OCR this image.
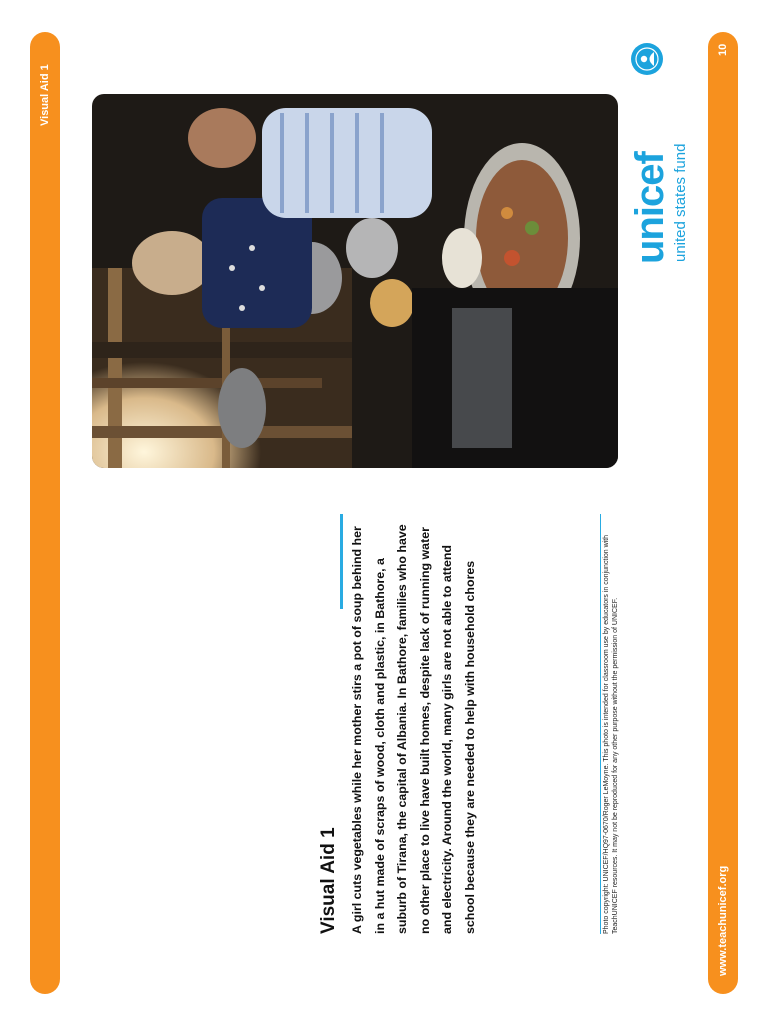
Visual Aid 1
www.teachunicef.org
10
Visual Aid 1 A girl cuts vegetables while her mother stirs a pot of soup behind her in a hut made of scraps of wood, cloth and plastic, in Bathore, a suburb of Tirana, the capital of Albania. In Bathore, families who have no other place to live have built homes, despite lack of running water and electricity. Around the world, many girls are not able to attend school because they are needed to help with household chores	Photo copyright: UNICEF/HQ97-0670/Roger LeMoyne. This photo is intended for classroom use by educators in conjunction with TeachUNICEF resources. It may not be reproduced for any other purpose without the permission of UNICEF.
unicef united states fund
